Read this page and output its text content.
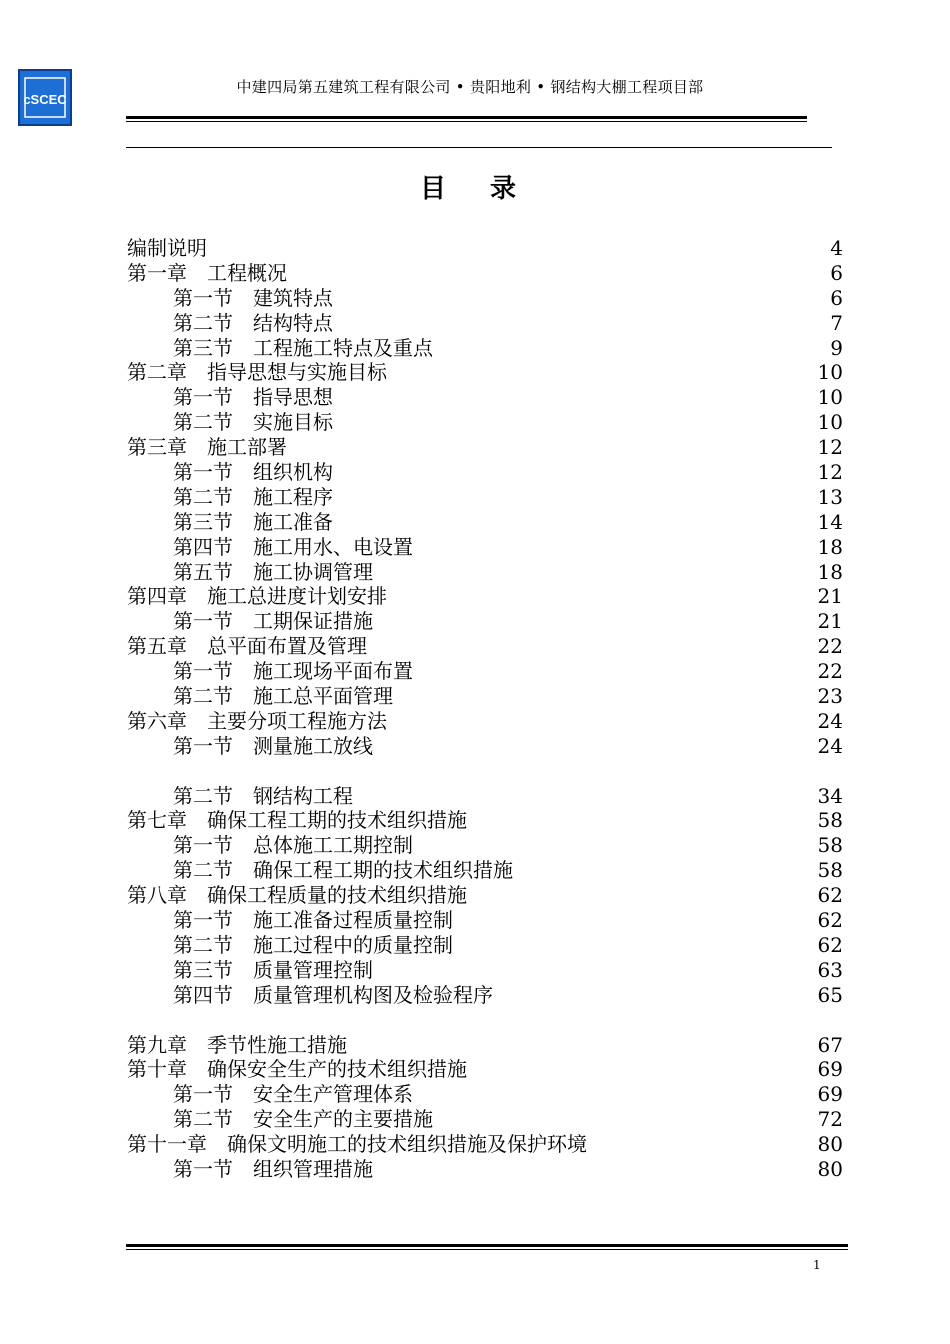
cSCEC
中建四局第五建筑工程有限公司 • 贵阳地利 • 钢结构大棚工程项目部
目录
编制说明	4
第一章　工程概况	6
第一节　建筑特点	6
第二节　结构特点	7
第三节　工程施工特点及重点	9
第二章　指导思想与实施目标	10
第一节　指导思想	10
第二节　实施目标	10
第三章　施工部署	12
第一节　组织机构	12
第二节　施工程序	13
第三节　施工准备	14
第四节　施工用水、电设置	18
第五节　施工协调管理	18
第四章　施工总进度计划安排	21
第一节　工期保证措施	21
第五章　总平面布置及管理	22
第一节　施工现场平面布置	22
第二节　施工总平面管理	23
第六章　主要分项工程施方法	24
第一节　测量施工放线	24
第二节　钢结构工程	34
第七章　确保工程工期的技术组织措施	58
第一节　总体施工工期控制	58
第二节　确保工程工期的技术组织措施	58
第八章　确保工程质量的技术组织措施	62
第一节　施工准备过程质量控制	62
第二节　施工过程中的质量控制	62
第三节　质量管理控制	63
第四节　质量管理机构图及检验程序	65
第九章　季节性施工措施	67
第十章　确保安全生产的技术组织措施	69
第一节　安全生产管理体系	69
第二节　安全生产的主要措施	72
第十一章　确保文明施工的技术组织措施及保护环境	80
第一节　组织管理措施	80
1
